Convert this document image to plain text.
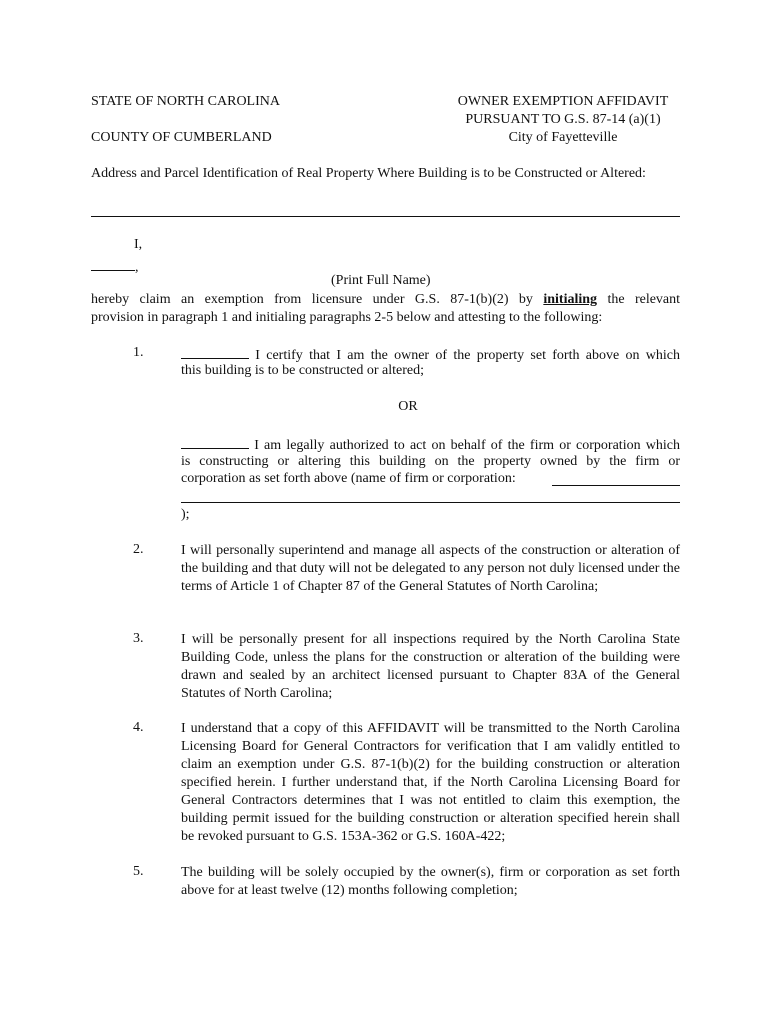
STATE OF NORTH CAROLINA
COUNTY OF CUMBERLAND
OWNER EXEMPTION AFFIDAVIT
PURSUANT TO G.S. 87-14 (a)(1)
City of Fayetteville
Address and Parcel Identification of Real Property Where Building is to be Constructed or Altered:
I,
,
(Print Full Name)
hereby claim an exemption from licensure under G.S. 87-1(b)(2) by initialing the relevant
provision in paragraph 1 and initialing paragraphs 2-5 below and attesting to the following:
1.	I certify that I am the owner of the property set forth above on which
this building is to be constructed or altered;
OR
I am legally authorized to act on behalf of the firm or corporation which
is constructing or altering this building on the property owned by the firm or
corporation as set forth above (name of firm or corporation:
);
2.	I will personally superintend and manage all aspects of the construction or alteration of the building and that duty will not be delegated to any person not duly licensed under the terms of Article 1 of Chapter 87 of the General Statutes of North Carolina;
3.	I will be personally present for all inspections required by the North Carolina State Building Code, unless the plans for the construction or alteration of the building were drawn and sealed by an architect licensed pursuant to Chapter 83A of the General Statutes of North Carolina;
4.	I understand that a copy of this AFFIDAVIT will be transmitted to the North Carolina Licensing Board for General Contractors for verification that I am validly entitled to claim an exemption under G.S. 87-1(b)(2) for the building construction or alteration specified herein. I further understand that, if the North Carolina Licensing Board for General Contractors determines that I was not entitled to claim this exemption, the building permit issued for the building construction or alteration specified herein shall be revoked pursuant to G.S. 153A-362 or G.S. 160A-422;
5.	The building will be solely occupied by the owner(s), firm or corporation as set forth above for at least twelve (12) months following completion;
